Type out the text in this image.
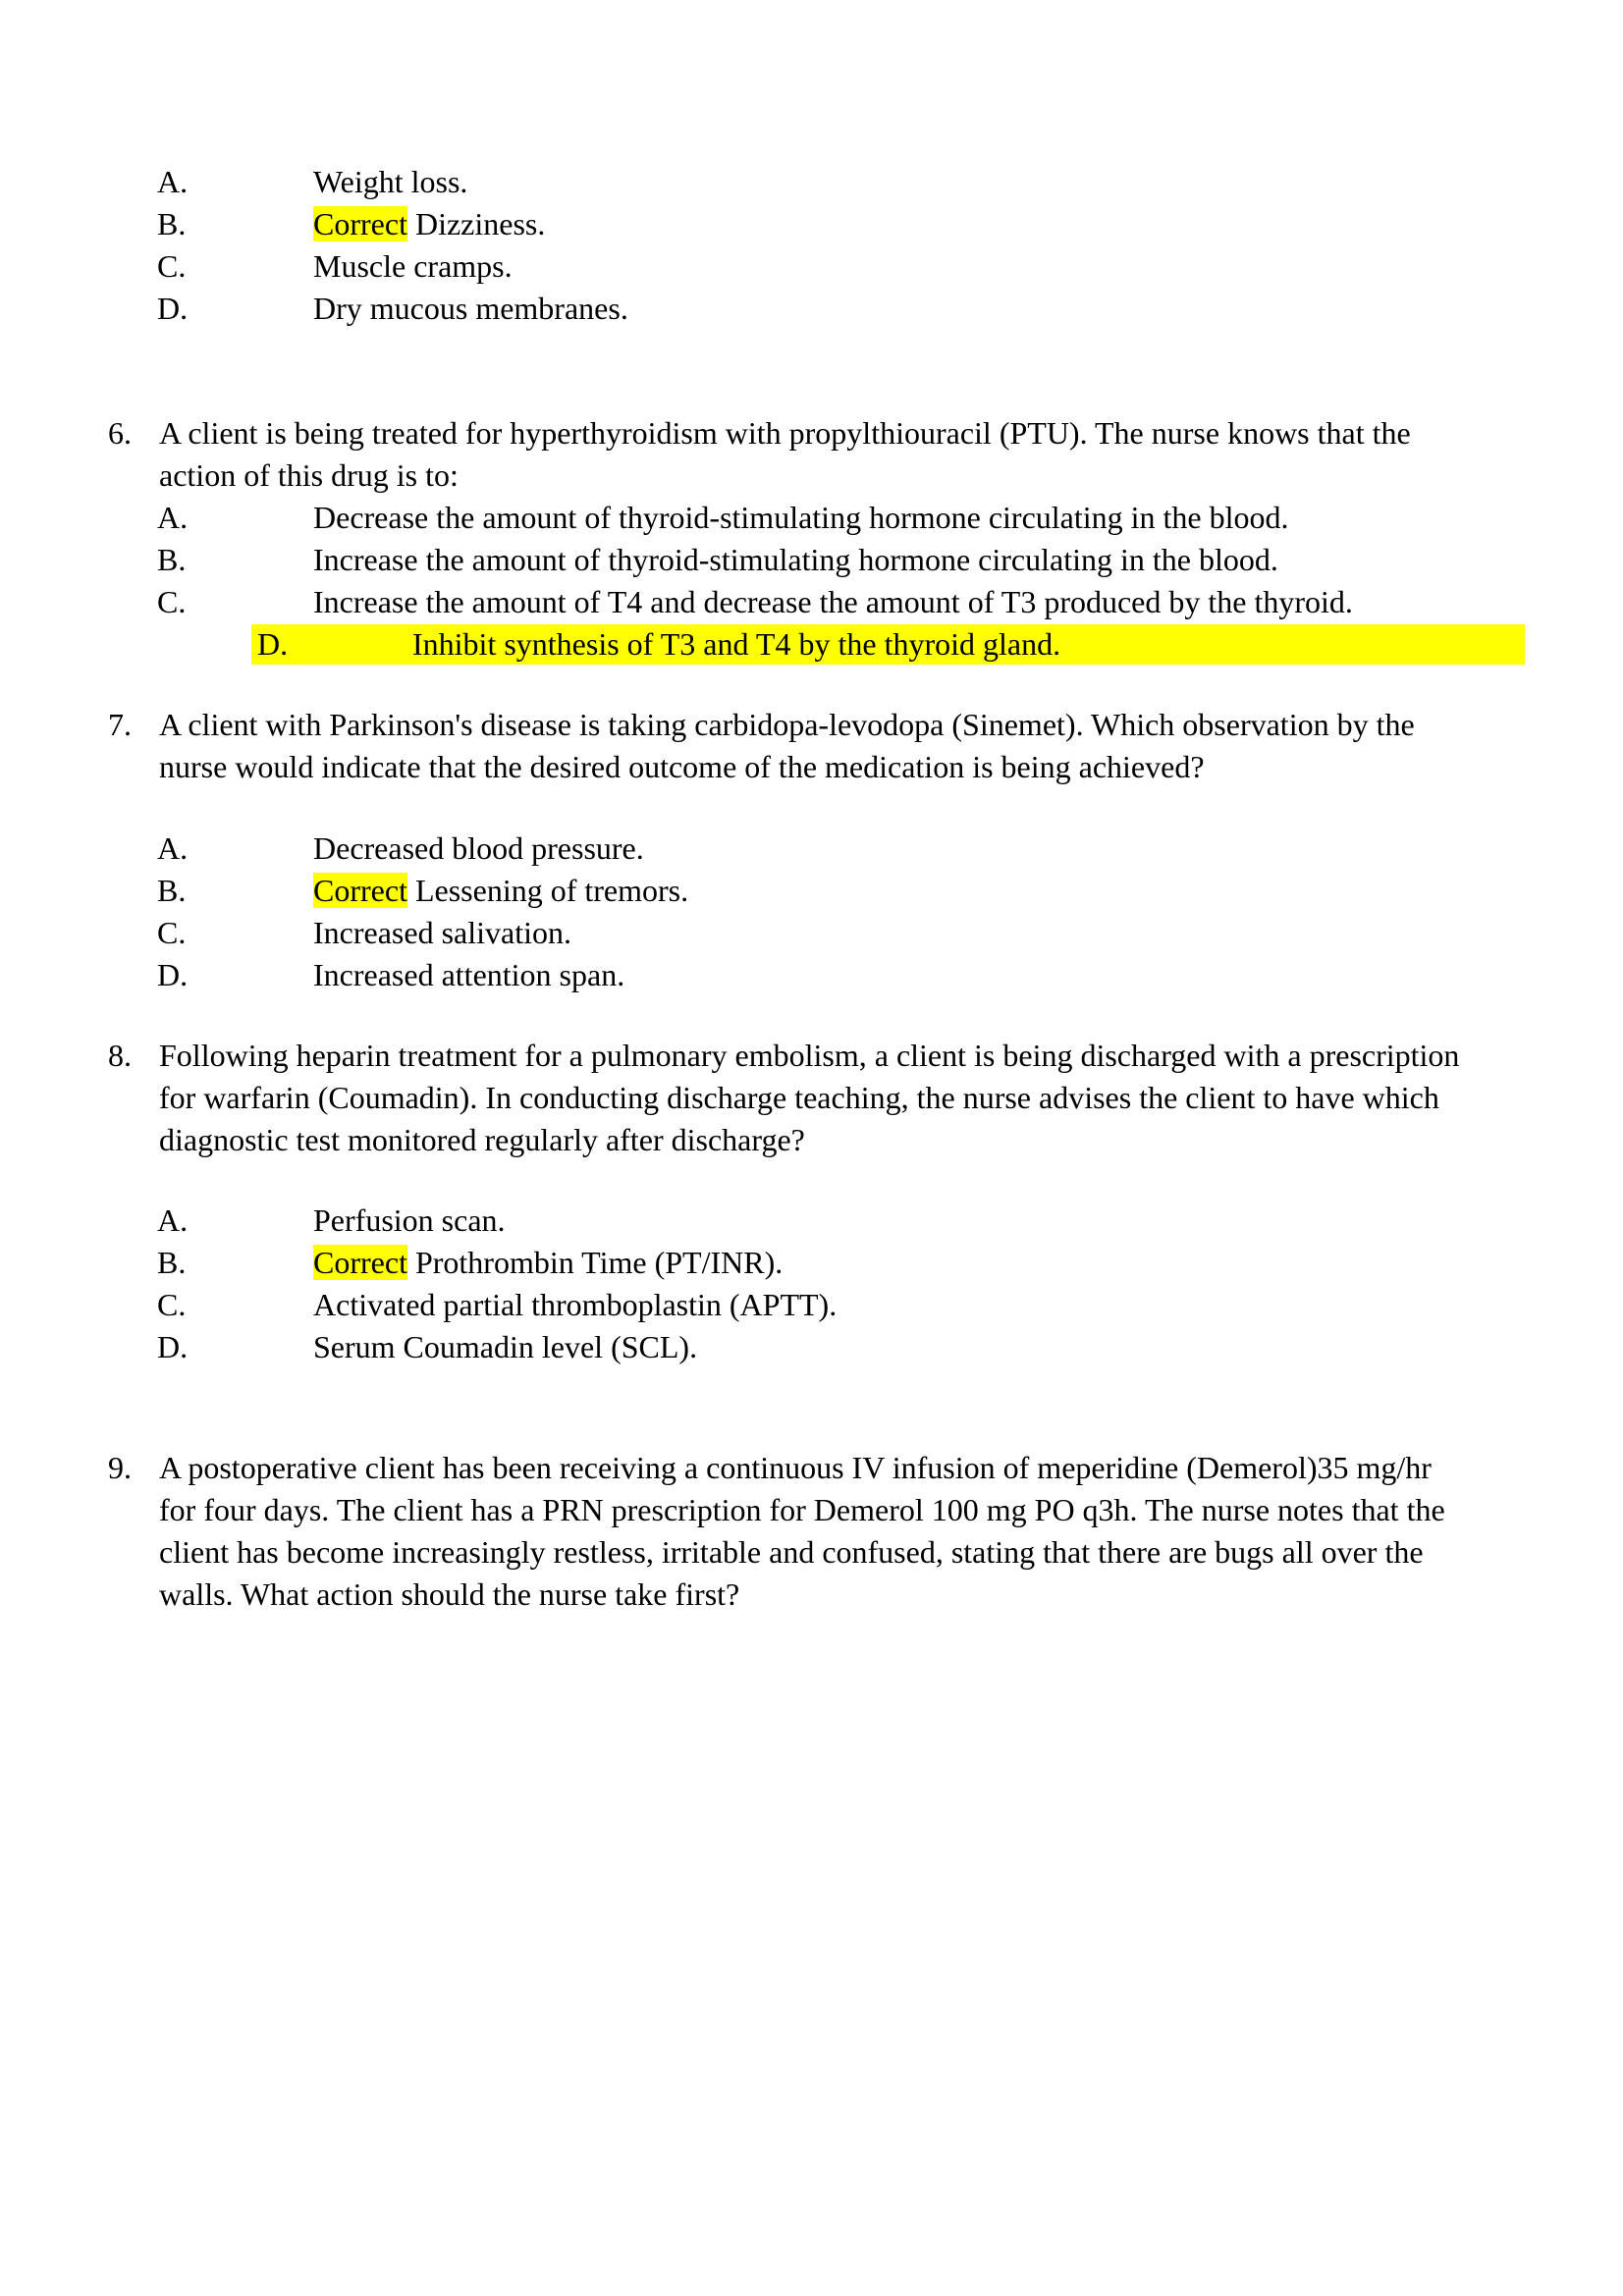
A.	Weight loss.
B.	Correct Dizziness.
C.	Muscle cramps.
D.	Dry mucous membranes.
6. A client is being treated for hyperthyroidism with propylthiouracil (PTU). The nurse knows that the
action of this drug is to:
A.	Decrease the amount of thyroid-stimulating hormone circulating in the blood.
B.	Increase the amount of thyroid-stimulating hormone circulating in the blood.
C.	Increase the amount of T4 and decrease the amount of T3 produced by the thyroid.
D.	Inhibit synthesis of T3 and T4 by the thyroid gland.
7. A client with Parkinson's disease is taking carbidopa-levodopa (Sinemet). Which observation by the
nurse would indicate that the desired outcome of the medication is being achieved?
A.	Decreased blood pressure.
B.	Correct Lessening of tremors.
C.	Increased salivation.
D.	Increased attention span.
8. Following heparin treatment for a pulmonary embolism, a client is being discharged with a prescription
for warfarin (Coumadin). In conducting discharge teaching, the nurse advises the client to have which
diagnostic test monitored regularly after discharge?
A.	Perfusion scan.
B.	Correct Prothrombin Time (PT/INR).
C.	Activated partial thromboplastin (APTT).
D.	Serum Coumadin level (SCL).
9. A postoperative client has been receiving a continuous IV infusion of meperidine (Demerol)35 mg/hr
for four days. The client has a PRN prescription for Demerol 100 mg PO q3h. The nurse notes that the
client has become increasingly restless, irritable and confused, stating that there are bugs all over the
walls. What action should the nurse take first?
